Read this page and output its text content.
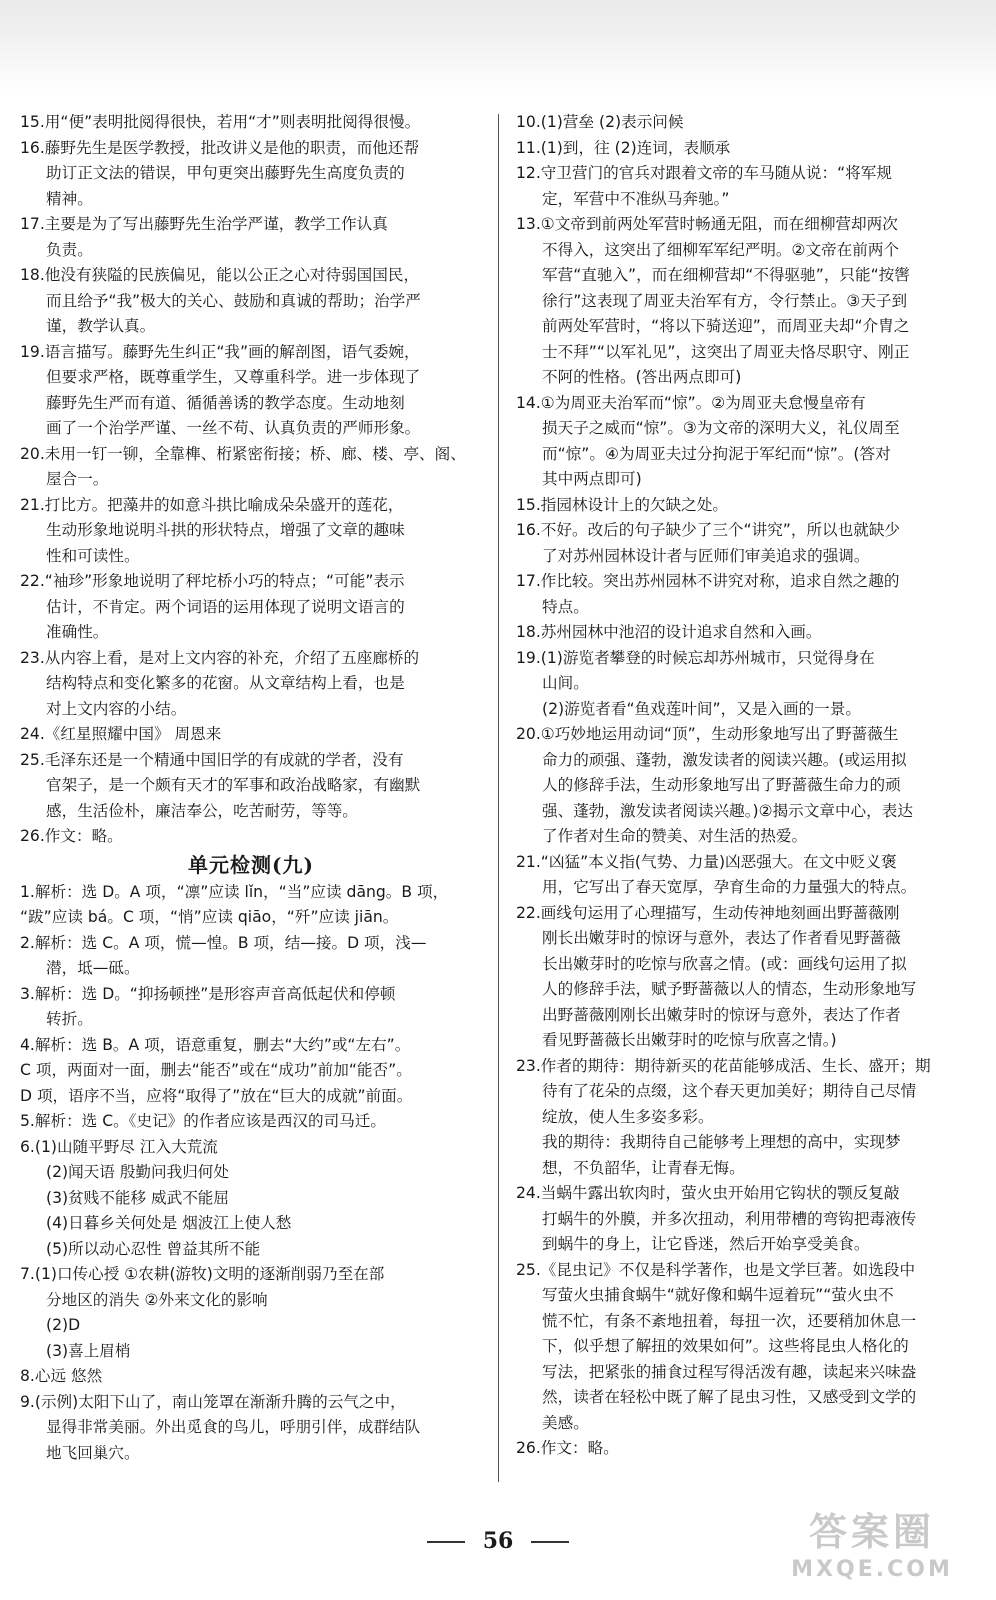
15.用“便”表明批阅得很快，若用“才”则表明批阅得很慢。
16.藤野先生是医学教授，批改讲义是他的职责，而他还帮
助订正文法的错误，甲句更突出藤野先生高度负责的
精神。
17.主要是为了写出藤野先生治学严谨，教学工作认真
负责。
18.他没有狭隘的民族偏见，能以公正之心对待弱国国民，
而且给予“我”极大的关心、鼓励和真诚的帮助；治学严
谨，教学认真。
19.语言描写。藤野先生纠正“我”画的解剖图，语气委婉，
但要求严格，既尊重学生，又尊重科学。进一步体现了
藤野先生严而有道、循循善诱的教学态度。生动地刻
画了一个治学严谨、一丝不苟、认真负责的严师形象。
20.未用一钉一铆，全靠榫、桁紧密衔接；桥、廊、楼、亭、阁、
屋合一。
21.打比方。把藻井的如意斗拱比喻成朵朵盛开的莲花，
生动形象地说明斗拱的形状特点，增强了文章的趣味
性和可读性。
22.“袖珍”形象地说明了秤坨桥小巧的特点；“可能”表示
估计，不肯定。两个词语的运用体现了说明文语言的
准确性。
23.从内容上看，是对上文内容的补充，介绍了五座廊桥的
结构特点和变化繁多的花窗。从文章结构上看，也是
对上文内容的小结。
24.《红星照耀中国》 周恩来
25.毛泽东还是一个精通中国旧学的有成就的学者，没有
官架子，是一个颇有天才的军事和政治战略家，有幽默
感，生活俭朴，廉洁奉公，吃苦耐劳，等等。
26.作文：略。
单元检测(九)
1.解析：选 D。A 项，“凛”应读 lǐn，“当”应读 dāng。B 项，
“跋”应读 bá。C 项，“悄”应读 qiāo，“歼”应读 jiān。
2.解析：选 C。A 项，慌—惶。B 项，结—接。D 项，浅—
潜，坻—砥。
3.解析：选 D。“抑扬顿挫”是形容声音高低起伏和停顿
转折。
4.解析：选 B。A 项，语意重复，删去“大约”或“左右”。
C 项，两面对一面，删去“能否”或在“成功”前加“能否”。
D 项，语序不当，应将“取得了”放在“巨大的成就”前面。
5.解析：选 C。《史记》的作者应该是西汉的司马迁。
6.(1)山随平野尽 江入大荒流
(2)闻天语 殷勤问我归何处
(3)贫贱不能移 威武不能屈
(4)日暮乡关何处是 烟波江上使人愁
(5)所以动心忍性 曾益其所不能
7.(1)口传心授 ①农耕(游牧)文明的逐渐削弱乃至在部
分地区的消失 ②外来文化的影响
(2)D
(3)喜上眉梢
8.心远 悠然
9.(示例)太阳下山了，南山笼罩在渐渐升腾的云气之中，
显得非常美丽。外出觅食的鸟儿，呼朋引伴，成群结队
地飞回巢穴。
10.(1)营垒 (2)表示问候
11.(1)到，往 (2)连词，表顺承
12.守卫营门的官兵对跟着文帝的车马随从说：“将军规
定，军营中不准纵马奔驰。”
13.①文帝到前两处军营时畅通无阻，而在细柳营却两次
不得入，这突出了细柳军军纪严明。②文帝在前两个
军营“直驰入”，而在细柳营却“不得驱驰”，只能“按辔
徐行”这表现了周亚夫治军有方，令行禁止。③天子到
前两处军营时，“将以下骑送迎”，而周亚夫却“介胄之
士不拜”“以军礼见”，这突出了周亚夫恪尽职守、刚正
不阿的性格。(答出两点即可)
14.①为周亚夫治军而“惊”。②为周亚夫怠慢皇帝有
损天子之威而“惊”。③为文帝的深明大义，礼仪周至
而“惊”。④为周亚夫过分拘泥于军纪而“惊”。(答对
其中两点即可)
15.指园林设计上的欠缺之处。
16.不好。改后的句子缺少了三个“讲究”，所以也就缺少
了对苏州园林设计者与匠师们审美追求的强调。
17.作比较。突出苏州园林不讲究对称，追求自然之趣的
特点。
18.苏州园林中池沼的设计追求自然和入画。
19.(1)游览者攀登的时候忘却苏州城市，只觉得身在
山间。
(2)游览者看“鱼戏莲叶间”，又是入画的一景。
20.①巧妙地运用动词“顶”，生动形象地写出了野蔷薇生
命力的顽强、蓬勃，激发读者的阅读兴趣。(或运用拟
人的修辞手法，生动形象地写出了野蔷薇生命力的顽
强、蓬勃，激发读者阅读兴趣。)②揭示文章中心，表达
了作者对生命的赞美、对生活的热爱。
21.“凶猛”本义指(气势、力量)凶恶强大。在文中贬义褒
用，它写出了春天宽厚，孕育生命的力量强大的特点。
22.画线句运用了心理描写，生动传神地刻画出野蔷薇刚
刚长出嫩芽时的惊讶与意外，表达了作者看见野蔷薇
长出嫩芽时的吃惊与欣喜之情。(或：画线句运用了拟
人的修辞手法，赋予野蔷薇以人的情态，生动形象地写
出野蔷薇刚刚长出嫩芽时的惊讶与意外，表达了作者
看见野蔷薇长出嫩芽时的吃惊与欣喜之情。)
23.作者的期待：期待新买的花苗能够成活、生长、盛开；期
待有了花朵的点缀，这个春天更加美好；期待自己尽情
绽放，使人生多姿多彩。
我的期待：我期待自己能够考上理想的高中，实现梦
想，不负韶华，让青春无悔。
24.当蜗牛露出软肉时，萤火虫开始用它钩状的颚反复敲
打蜗牛的外膜，并多次扭动，利用带槽的弯钩把毒液传
到蜗牛的身上，让它昏迷，然后开始享受美食。
25.《昆虫记》不仅是科学著作，也是文学巨著。如选段中
写萤火虫捕食蜗牛“就好像和蜗牛逗着玩”“萤火虫不
慌不忙，有条不紊地扭着，每扭一次，还要稍加休息一
下，似乎想了解扭的效果如何”。这些将昆虫人格化的
写法，把紧张的捕食过程写得活泼有趣，读起来兴味盎
然，读者在轻松中既了解了昆虫习性，又感受到文学的
美感。
26.作文：略。
56	答案圈
MXQE.COM
